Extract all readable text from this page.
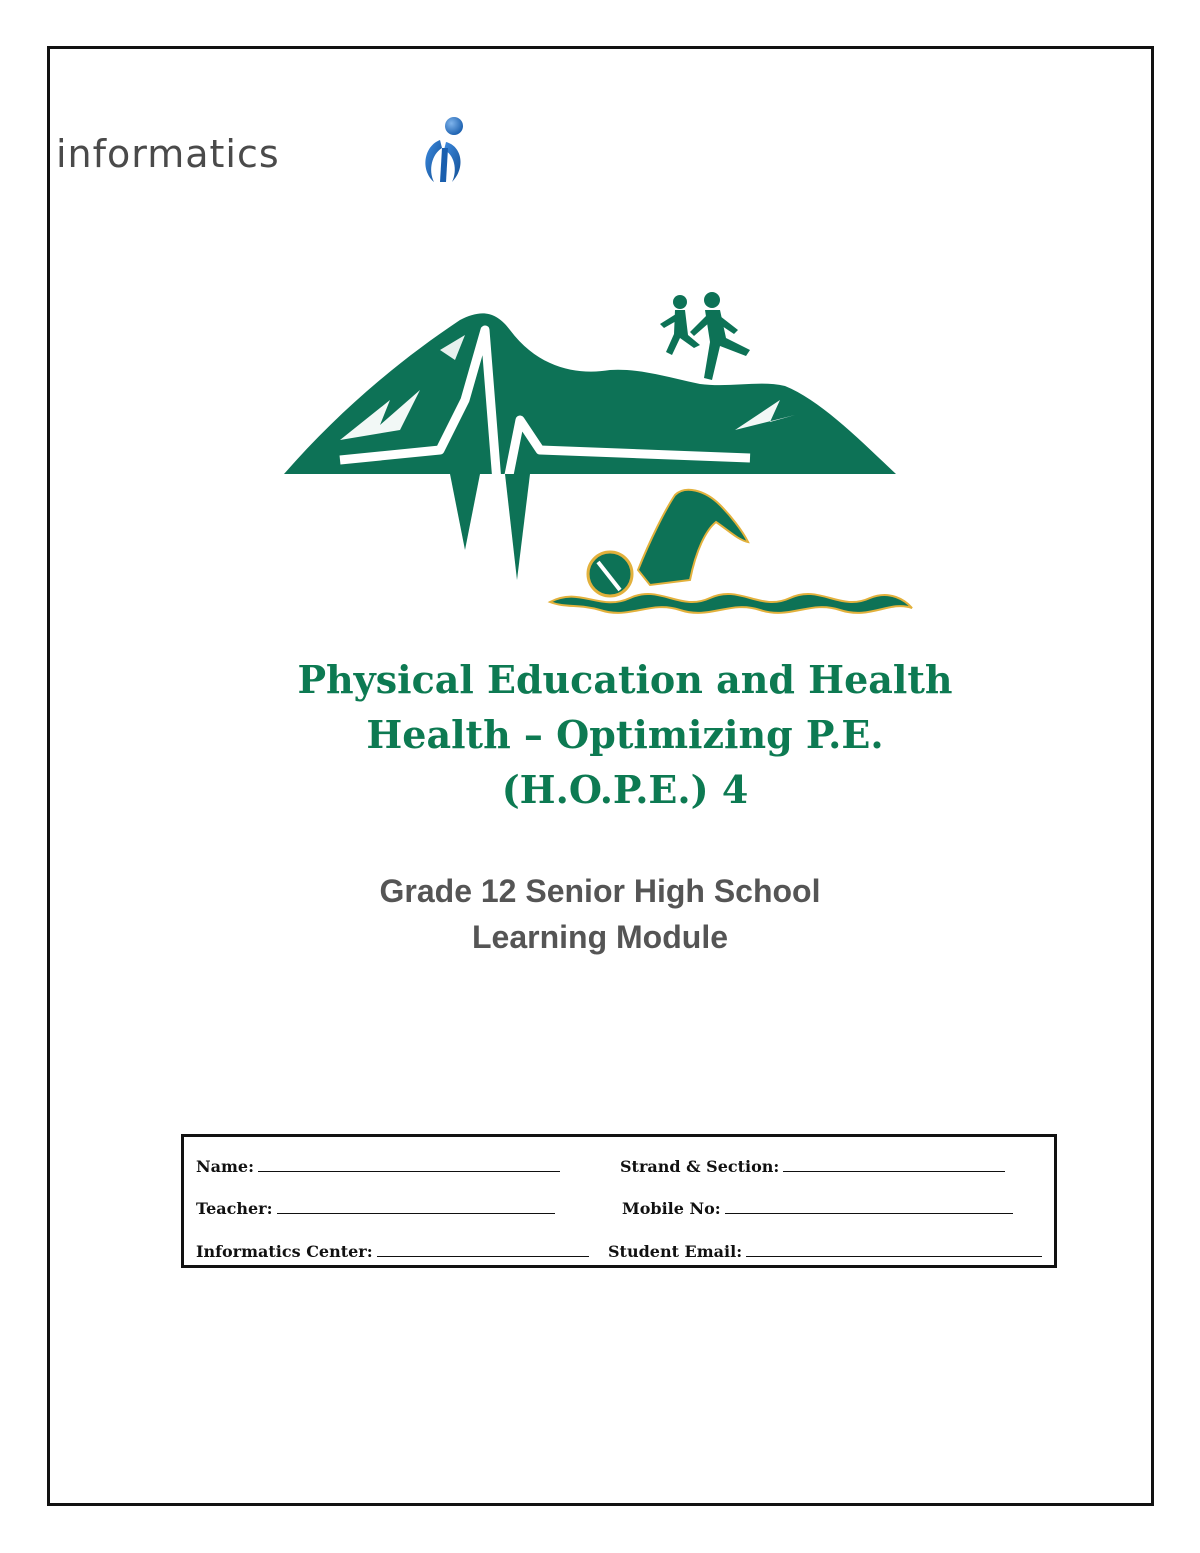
informatics
Physical Education and Health
Health – Optimizing P.E.
(H.O.P.E.) 4
Grade 12 Senior High School
Learning Module
Name:	Strand & Section:
Teacher:	Mobile No:
Informatics Center:	Student Email:
